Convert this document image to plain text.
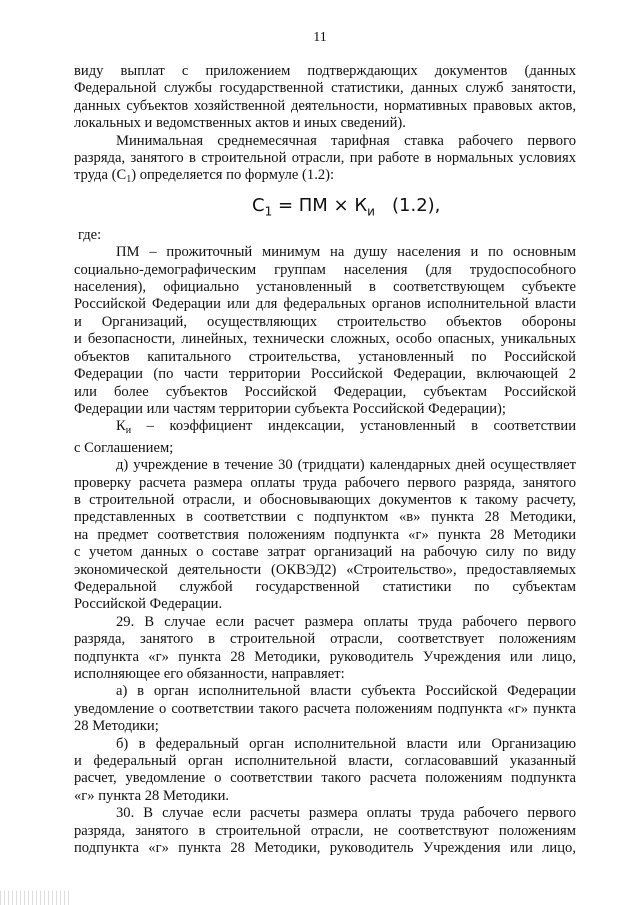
11

виду выплат с приложением подтверждающих документов (данных

Федеральной службы государственной статистики, данных служб занятости,

данных субъектов хозяйственной деятельности, нормативных правовых актов,

локальных и ведомственных актов и иных сведений).

Минимальная среднемесячная тарифная ставка рабочего первого

разряда, занятого в строительной отрасли, при работе в нормальных условиях

труда $(С_1)$ определяется по формуле (1.2):

$С_1$ = ПМ × $К_и$ (1.2),

где:

ПМ – прожиточный минимум на душу населения и по основным

социально-демографическим группам населения (для трудоспособного

населения), официально установленный в соответствующем субъекте

Российской Федерации или для федеральных органов исполнительной власти

и Организаций, осуществляющих строительство объектов обороны

и безопасности, линейных, технически сложных, особо опасных, уникальных

объектов капитального строительства, установленный по Российской

Федерации (по части территории Российской Федерации, включающей 2

или более субъектов Российской Федерации, субъектам Российской

Федерации или частям территории субъекта Российской Федерации);

$К_и$ – коэффициент индексации, установленный в соответствии

с Соглашением;

д) учреждение в течение 30 (тридцати) календарных дней осуществляет

проверку расчета размера оплаты труда рабочего первого разряда, занятого

в строительной отрасли, и обосновывающих документов к такому расчету,

представленных в соответствии с подпунктом «в» пункта 28 Методики,

на предмет соответствия положениям подпункта «г» пункта 28 Методики

с учетом данных о составе затрат организаций на рабочую силу по виду

экономической деятельности (ОКВЭД2) «Строительство», предоставляемых

Федеральной службой государственной статистики по субъектам

Российской Федерации.

29. В случае если расчет размера оплаты труда рабочего первого

разряда, занятого в строительной отрасли, соответствует положениям

подпункта «г» пункта 28 Методики, руководитель Учреждения или лицо,

исполняющее его обязанности, направляет:

а) в орган исполнительной власти субъекта Российской Федерации

уведомление о соответствии такого расчета положениям подпункта «г» пункта

28 Методики;

б) в федеральный орган исполнительной власти или Организацию

и федеральный орган исполнительной власти, согласовавший указанный

расчет, уведомление о соответствии такого расчета положениям подпункта

«г» пункта 28 Методики.

30. В случае если расчеты размера оплаты труда рабочего первого

разряда, занятого в строительной отрасли, не соответствуют положениям

подпункта «г» пункта 28 Методики, руководитель Учреждения или лицо,
